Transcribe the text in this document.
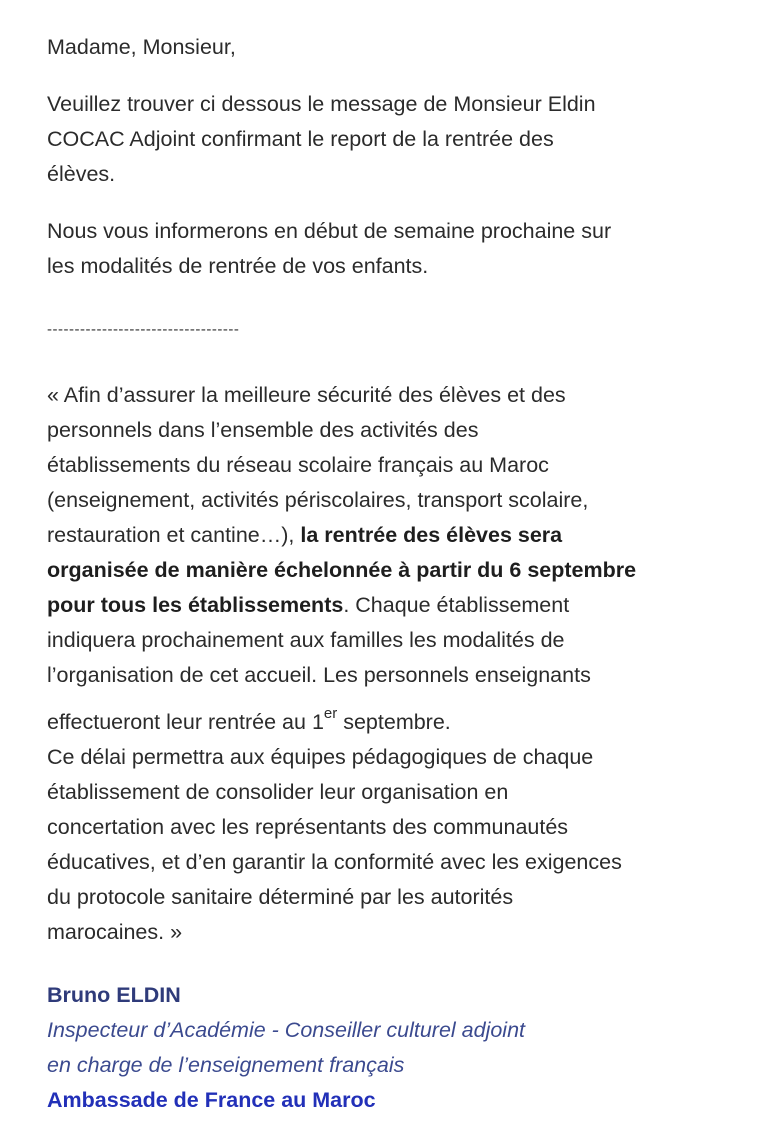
Madame, Monsieur,

Veuillez trouver ci dessous le message de Monsieur Eldin

COCAC Adjoint confirmant le report de la rentrée des

élèves.

Nous vous informerons en début de semaine prochaine sur

les modalités de rentrée de vos enfants.

-----------------------------------

« Afin d’assurer la meilleure sécurité des élèves et des

personnels dans l’ensemble des activités des

établissements du réseau scolaire français au Maroc

(enseignement, activités périscolaires, transport scolaire,

restauration et cantine…), la rentrée des élèves sera

organisée de manière échelonnée à partir du 6 septembre

pour tous les établissements. Chaque établissement

indiquera prochainement aux familles les modalités de

l’organisation de cet accueil. Les personnels enseignants

effectueront leur rentrée au 1er septembre.

Ce délai permettra aux équipes pédagogiques de chaque

établissement de consolider leur organisation en

concertation avec les représentants des communautés

éducatives, et d’en garantir la conformité avec les exigences

du protocole sanitaire déterminé par les autorités

marocaines. »

Bruno ELDIN

Inspecteur d’Académie - Conseiller culturel adjoint

en charge de l’enseignement français

Ambassade de France au Maroc
